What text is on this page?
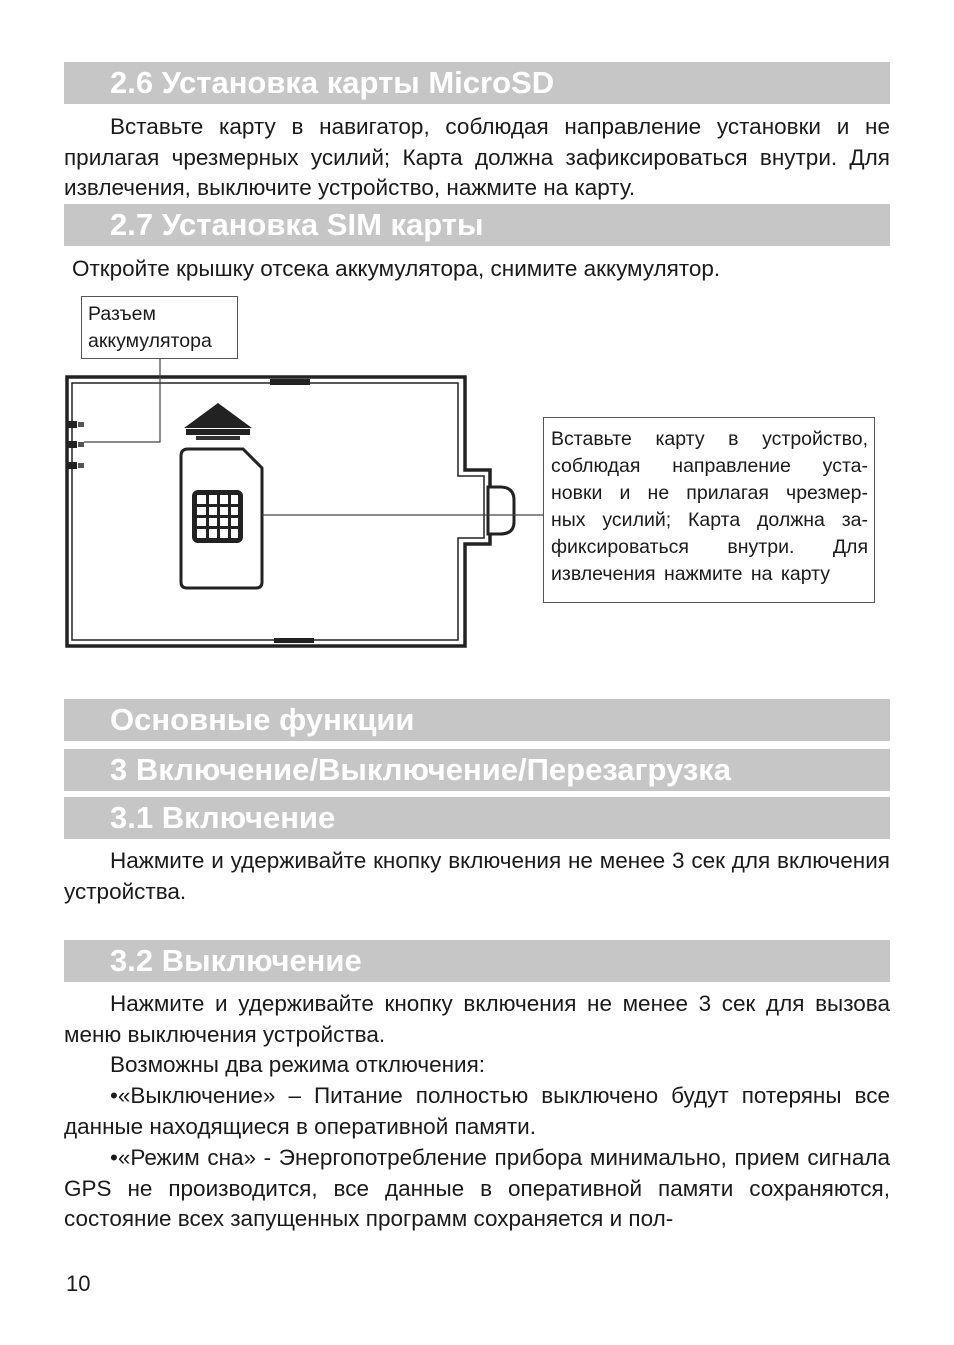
2.6 Установка карты MicroSD

Вставьте карту в навигатор, соблюдая направление установки и не прилагая чрезмерных усилий; Карта должна зафиксироваться внутри. Для извлечения, выключите устройство, нажмите на карту.

2.7 Установка SIM карты

Откройте крышку отсека аккумулятора, снимите аккумулятор.

Разъем
аккумулятора
Вставьте карту в устройство,
соблюдая направление уста-
новки и не прилагая чрезмер-
ных усилий; Карта должна за-
фиксироваться внутри. Для
извлечения нажмите на карту
Основные функции
3 Включение/Выключение/Перезагрузка
3.1 Включение

Нажмите и удерживайте кнопку включения не менее 3 сек для включения устройства.

3.2 Выключение

Нажмите и удерживайте кнопку включения не менее 3 сек для вызова меню выключения устройства.

Возможны два режима отключения:

•«Выключение» – Питание полностью выключено будут потеряны все данные находящиеся в оперативной памяти.

•«Режим сна» - Энергопотребление прибора минимально, прием сигнала GPS не производится, все данные в оперативной памяти сохраняются, состояние всех запущенных программ сохраняется и пол-

10
